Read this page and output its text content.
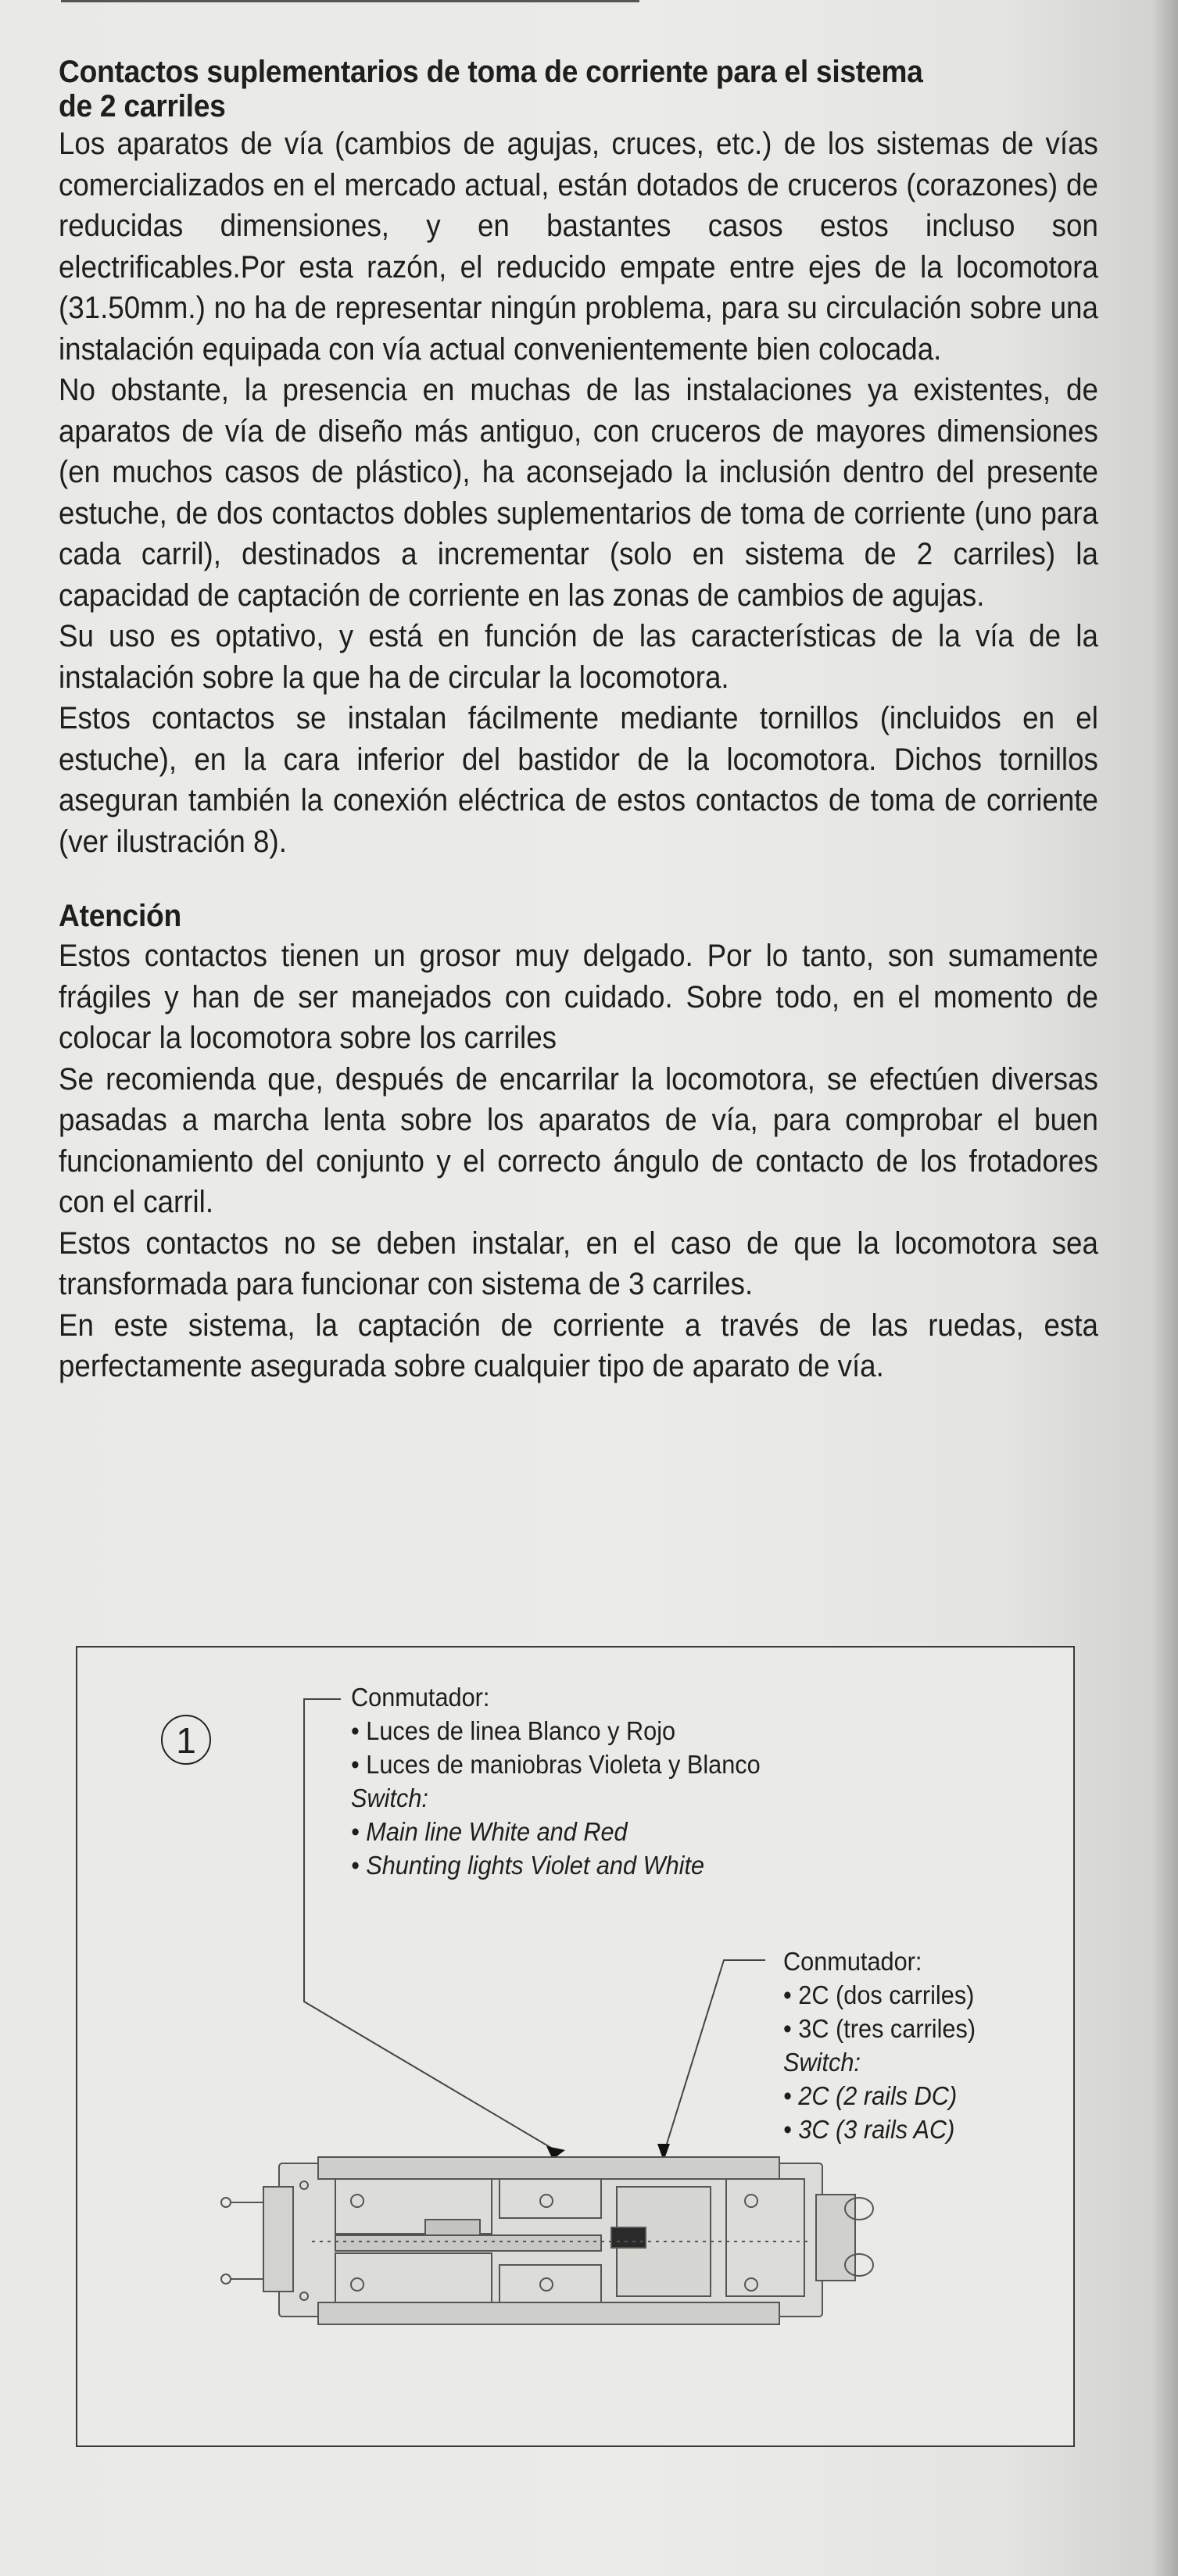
Contactos suplementarios de toma de corriente para el sistema
de 2 carriles

Los aparatos de vía (cambios de agujas, cruces, etc.) de los sistemas de vías comercializados en el mercado actual, están dotados de cruceros (corazones) de reducidas dimensiones, y en bastantes casos estos incluso son electrificables.Por esta razón, el reducido empate entre ejes de la locomotora (31.50mm.) no ha de representar ningún problema, para su circulación sobre una instalación equipada con vía actual convenientemente bien colocada.

No obstante, la presencia en muchas de las instalaciones ya existentes, de aparatos de vía de diseño más antiguo, con cruceros de mayores dimensiones (en muchos casos de plástico), ha aconsejado la inclusión dentro del presente estuche, de dos contactos dobles suplementarios de toma de corriente (uno para cada carril), destinados a incrementar (solo en sistema de 2 carriles) la capacidad de captación de corriente en las zonas de cambios de agujas.

Su uso es optativo, y está en función de las características de la vía de la instalación sobre la que ha de circular la locomotora.

Estos contactos se instalan fácilmente mediante tornillos (incluidos en el estuche), en la cara inferior del bastidor de la locomotora. Dichos tornillos aseguran también la conexión eléctrica de estos contactos de toma de corriente (ver ilustración 8).

Atención

Estos contactos tienen un grosor muy delgado. Por lo tanto, son sumamente frágiles y han de ser manejados con cuidado. Sobre todo, en el momento de colocar la locomotora sobre los carriles

Se recomienda que, después de encarrilar la locomotora, se efectúen diversas pasadas a marcha lenta sobre los aparatos de vía, para comprobar el buen funcionamiento del conjunto y el correcto ángulo de contacto de los frotadores con el carril.

Estos contactos no se deben instalar, en el caso de que la locomotora sea transformada para funcionar con sistema de 3 carriles.

En este sistema, la captación de corriente a través de las ruedas, esta perfectamente asegurada sobre cualquier tipo de aparato de vía.

1
Conmutador:
• Luces de linea Blanco y Rojo
• Luces de maniobras Violeta y Blanco
Switch:
• Main line White and Red
• Shunting lights Violet and White
Conmutador:
• 2C (dos carriles)
• 3C (tres carriles)
Switch:
• 2C (2 rails DC)
• 3C (3 rails AC)
